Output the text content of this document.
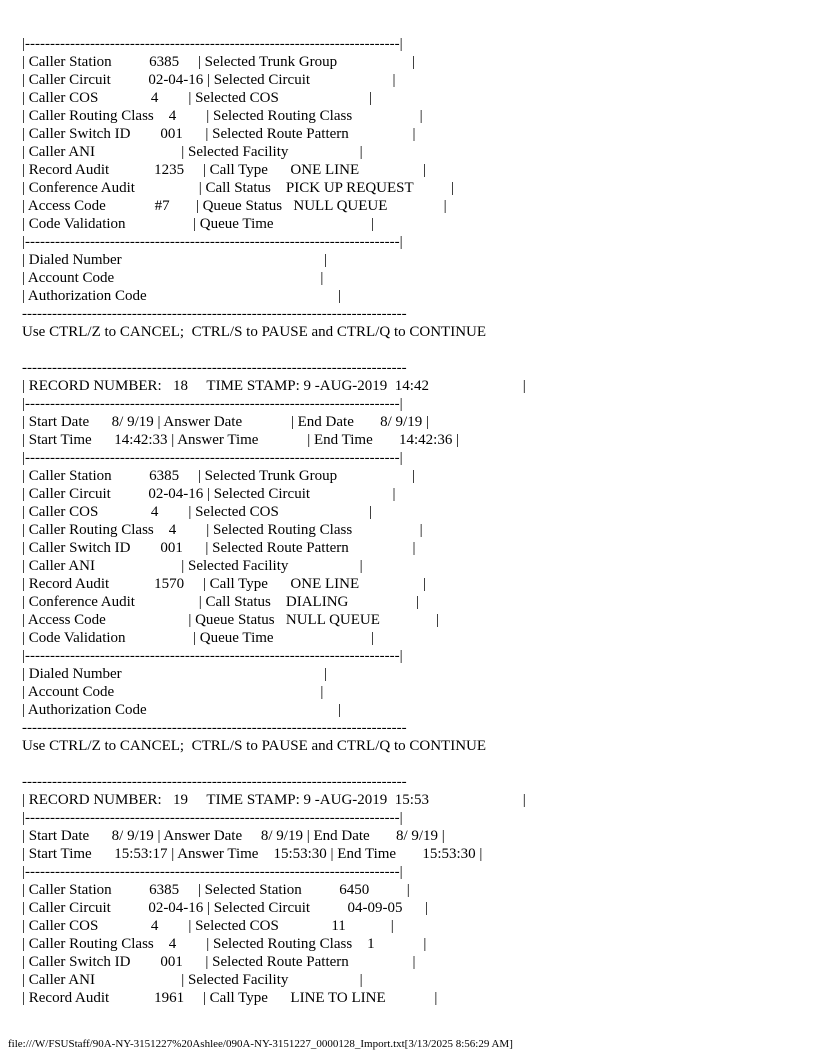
|---------------------------------------------------------------------------|
| Caller Station          6385     | Selected Trunk Group                    |
| Caller Circuit          02-04-16 | Selected Circuit                      |
| Caller COS              4        | Selected COS                        |
| Caller Routing Class    4        | Selected Routing Class                  |
| Caller Switch ID        001      | Selected Route Pattern                 |
| Caller ANI                       | Selected Facility                   |
| Record Audit            1235     | Call Type      ONE LINE                 |
| Conference Audit                 | Call Status    PICK UP REQUEST          |
| Access Code             #7       | Queue Status   NULL QUEUE               |
| Code Validation                  | Queue Time                          |
|---------------------------------------------------------------------------|
| Dialed Number                                                      |
| Account Code                                                       |
| Authorization Code                                                   |
-----------------------------------------------------------------------------
Use CTRL/Z to CANCEL;  CTRL/S to PAUSE and CTRL/Q to CONTINUE
-----------------------------------------------------------------------------
| RECORD NUMBER:   18     TIME STAMP: 9 -AUG-2019  14:42                         |
|---------------------------------------------------------------------------|
| Start Date      8/ 9/19 | Answer Date             | End Date       8/ 9/19 |
| Start Time      14:42:33 | Answer Time             | End Time       14:42:36 |
|---------------------------------------------------------------------------|
| Caller Station          6385     | Selected Trunk Group                    |
| Caller Circuit          02-04-16 | Selected Circuit                      |
| Caller COS              4        | Selected COS                        |
| Caller Routing Class    4        | Selected Routing Class                  |
| Caller Switch ID        001      | Selected Route Pattern                 |
| Caller ANI                       | Selected Facility                   |
| Record Audit            1570     | Call Type      ONE LINE                 |
| Conference Audit                 | Call Status    DIALING                  |
| Access Code                      | Queue Status   NULL QUEUE               |
| Code Validation                  | Queue Time                          |
|---------------------------------------------------------------------------|
| Dialed Number                                                      |
| Account Code                                                       |
| Authorization Code                                                   |
-----------------------------------------------------------------------------
Use CTRL/Z to CANCEL;  CTRL/S to PAUSE and CTRL/Q to CONTINUE
-----------------------------------------------------------------------------
| RECORD NUMBER:   19     TIME STAMP: 9 -AUG-2019  15:53                         |
|---------------------------------------------------------------------------|
| Start Date      8/ 9/19 | Answer Date     8/ 9/19 | End Date       8/ 9/19 |
| Start Time      15:53:17 | Answer Time    15:53:30 | End Time       15:53:30 |
|---------------------------------------------------------------------------|
| Caller Station          6385     | Selected Station          6450          |
| Caller Circuit          02-04-16 | Selected Circuit          04-09-05      |
| Caller COS              4        | Selected COS              11            |
| Caller Routing Class    4        | Selected Routing Class    1             |
| Caller Switch ID        001      | Selected Route Pattern                 |
| Caller ANI                       | Selected Facility                   |
| Record Audit            1961     | Call Type      LINE TO LINE             |
file:///W/FSUStaff/90A-NY-3151227%20Ashlee/090A-NY-3151227_0000128_Import.txt[3/13/2025 8:56:29 AM]
